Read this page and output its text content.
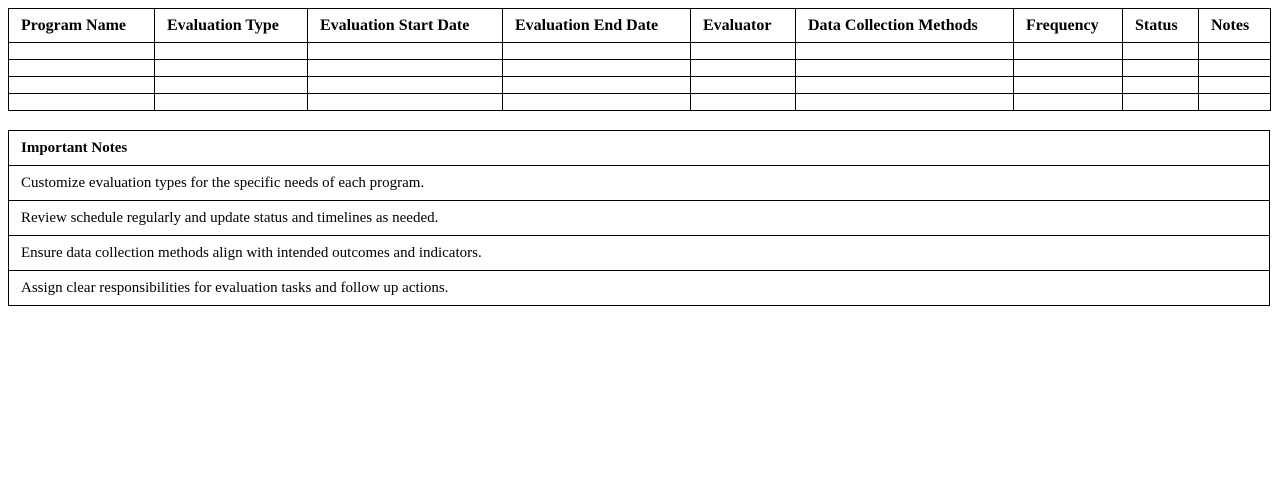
Program Name	Evaluation Type	Evaluation Start Date	Evaluation End Date	Evaluator	Data Collection Methods	Frequency	Status	Notes

Important Notes
Customize evaluation types for the specific needs of each program.
Review schedule regularly and update status and timelines as needed.
Ensure data collection methods align with intended outcomes and indicators.
Assign clear responsibilities for evaluation tasks and follow up actions.
